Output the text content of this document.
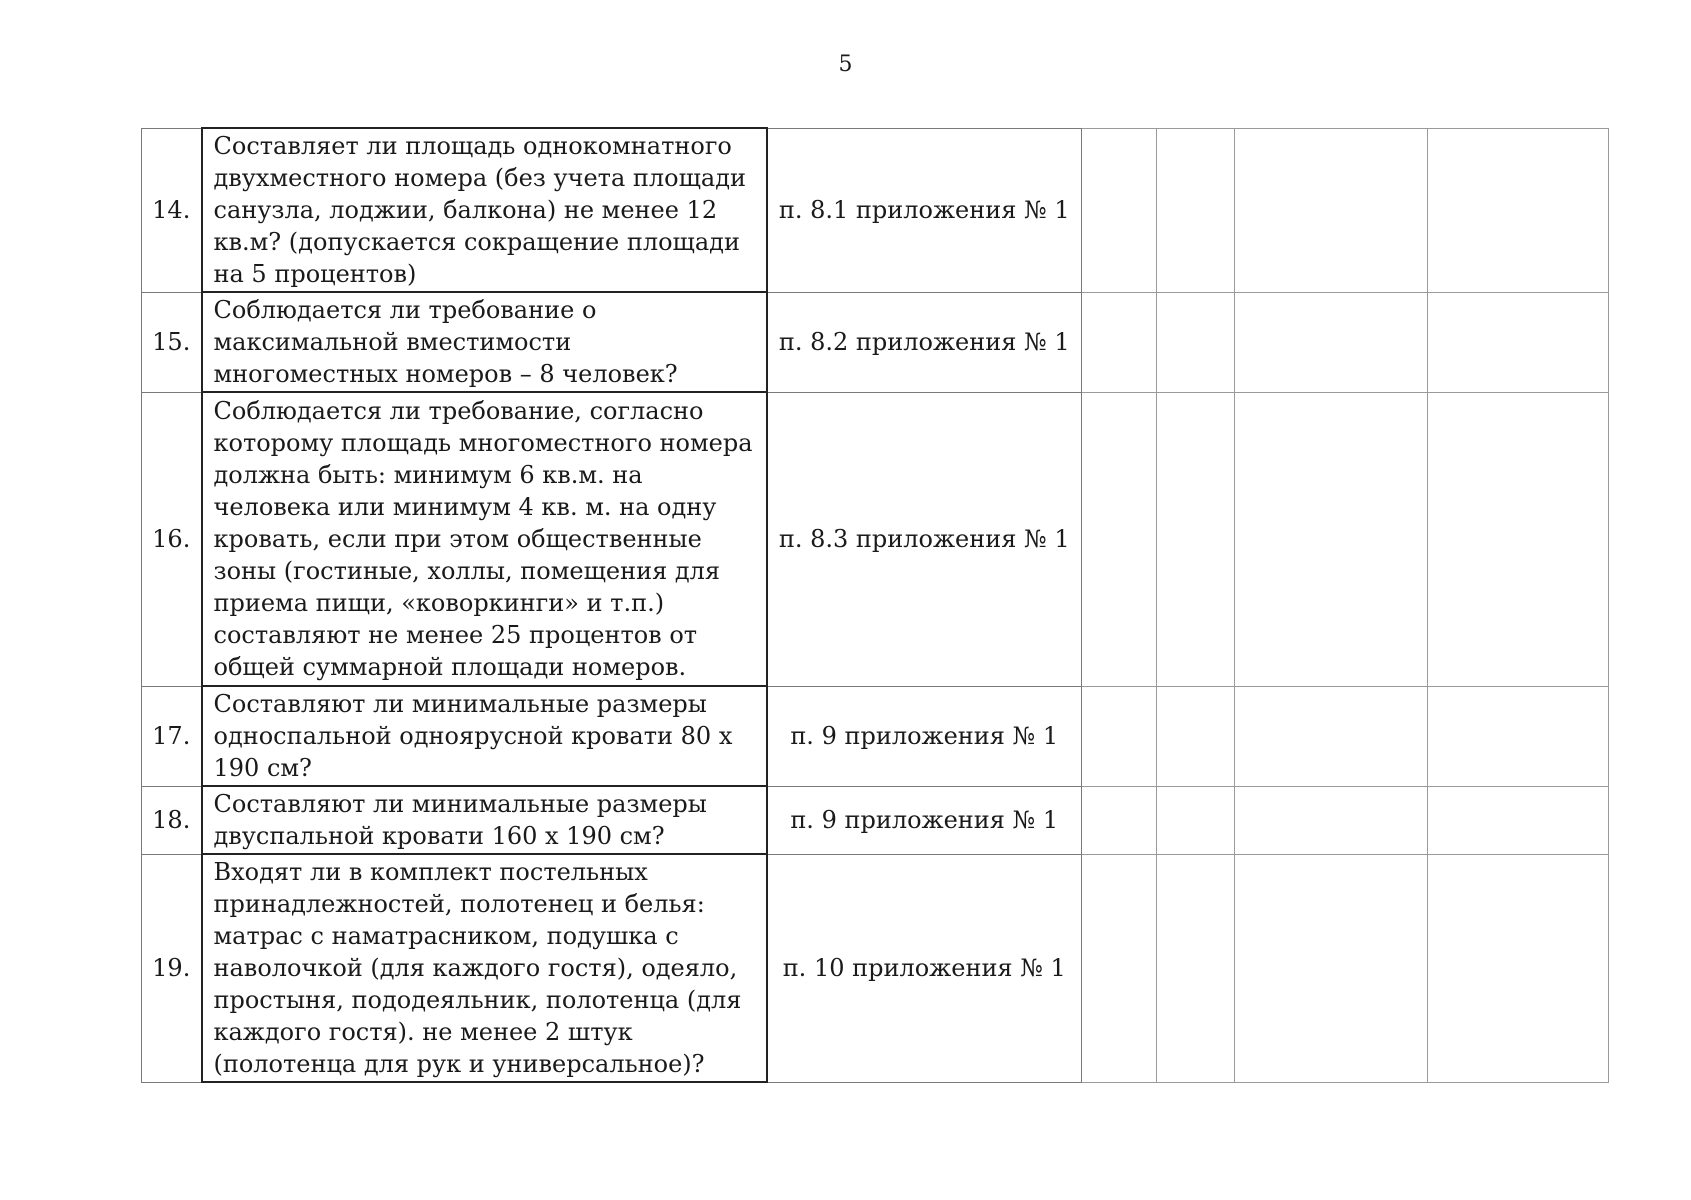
5
14.	Составляет ли площадь однокомнатного двухместного номера (без учета площади санузла, лоджии, балкона) не менее 12 кв.м? (допускается сокращение площади на 5 процентов)	п. 8.1 приложения № 1				
15.	Соблюдается ли требование о максимальной вместимости многоместных номеров – 8 человек?	п. 8.2 приложения № 1				
16.	Соблюдается ли требование, согласно которому площадь многоместного номера должна быть: минимум 6 кв.м. на человека или минимум 4 кв. м. на одну кровать, если при этом общественные зоны (гостиные, холлы, помещения для приема пищи, «коворкинги» и т.п.) составляют не менее 25 процентов от общей суммарной площади номеров.	п. 8.3 приложения № 1				
17.	Составляют ли минимальные размеры односпальной одноярусной кровати 80 х 190 см?	п. 9 приложения № 1				
18.	Составляют ли минимальные размеры двуспальной кровати 160 х 190 см?	п. 9 приложения № 1				
19.	Входят ли в комплект постельных принадлежностей, полотенец и белья: матрас с наматрасником, подушка с наволочкой (для каждого гостя), одеяло, простыня, пододеяльник, полотенца (для каждого гостя). не менее 2 штук (полотенца для рук и универсальное)?	п. 10 приложения № 1				
